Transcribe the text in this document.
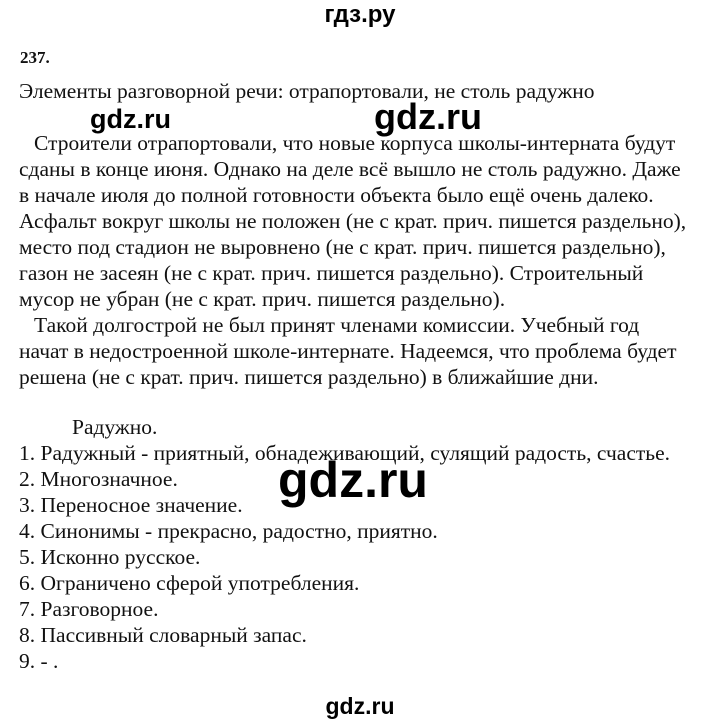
гдз.ру
237.
Элементы разговорной речи: отрапортовали, не столь радужно
gdz.ru	gdz.ru
Строители отрапортовали, что новые корпуса школы-интерната будут
сданы в конце июня. Однако на деле всё вышло не столь радужно. Даже
в начале июля до полной готовности объекта было ещё очень далеко.
Асфальт вокруг школы не положен (не с крат. прич. пишется раздельно),
место под стадион не выровнено (не с крат. прич. пишется раздельно),
газон не засеян (не с крат. прич. пишется раздельно). Строительный
мусор не убран (не с крат. прич. пишется раздельно).
Такой долгострой не был принят членами комиссии. Учебный год
начат в недостроенной школе-интернате. Надеемся, что проблема будет
решена (не с крат. прич. пишется раздельно) в ближайшие дни.
Радужно.
1. Радужный - приятный, обнадеживающий, сулящий радость, счастье.
2. Многозначное.
3. Переносное значение.
4. Синонимы - прекрасно, радостно, приятно.
5. Исконно русское.
6. Ограничено сферой употребления.
7. Разговорное.
8. Пассивный словарный запас.
9. - .
gdz.ru
gdz.ru
